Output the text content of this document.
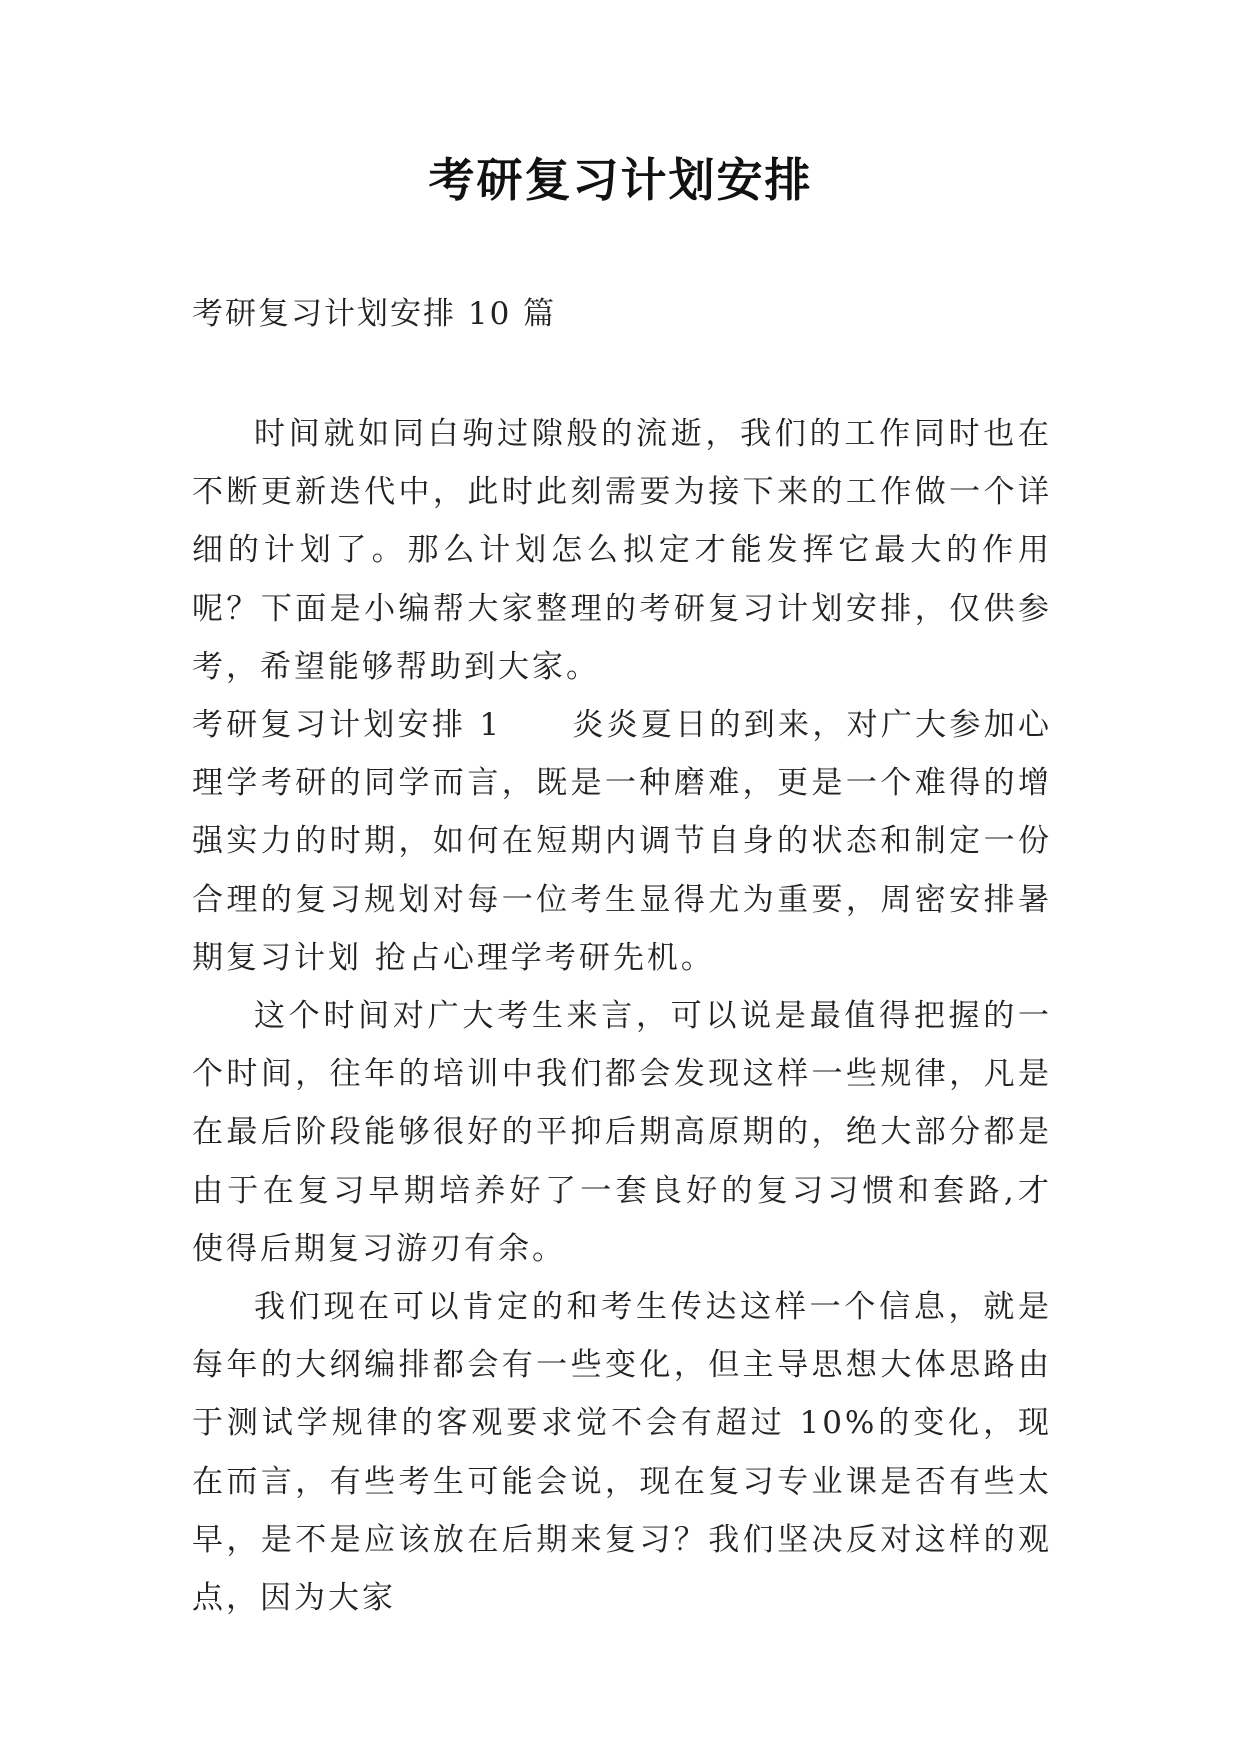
考研复习计划安排
考研复习计划安排 10 篇

时间就如同白驹过隙般的流逝，我们的工作同时也在不断更新迭代中，此时此刻需要为接下来的工作做一个详细的计划了。那么计划怎么拟定才能发挥它最大的作用呢？下面是小编帮大家整理的考研复习计划安排，仅供参考，希望能够帮助到大家。

考研复习计划安排 1 炎炎夏日的到来，对广大参加心理学考研的同学而言，既是一种磨难，更是一个难得的增强实力的时期，如何在短期内调节自身的状态和制定一份合理的复习规划对每一位考生显得尤为重要，周密安排暑期复习计划 抢占心理学考研先机。

这个时间对广大考生来言，可以说是最值得把握的一个时间，往年的培训中我们都会发现这样一些规律，凡是在最后阶段能够很好的平抑后期高原期的，绝大部分都是由于在复习早期培养好了一套良好的复习习惯和套路,才使得后期复习游刃有余。

我们现在可以肯定的和考生传达这样一个信息，就是每年的大纲编排都会有一些变化，但主导思想大体思路由于测试学规律的客观要求觉不会有超过 10%的变化，现在而言，有些考生可能会说，现在复习专业课是否有些太早，是不是应该放在后期来复习？我们坚决反对这样的观点，因为大家
